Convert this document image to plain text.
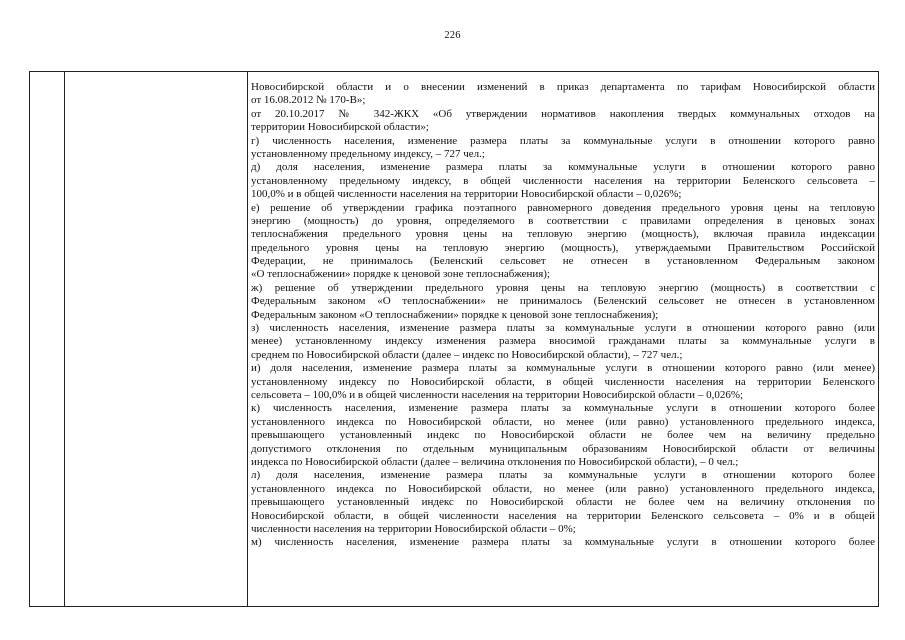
226
Новосибирской области и о внесении изменений в приказ департамента по тарифам Новосибирской области
от 16.08.2012 № 170-В»;
от 20.10.2017 № 342-ЖКХ «Об утверждении нормативов накопления твердых коммунальных отходов на
территории Новосибирской области»;
г) численность населения, изменение размера платы за коммунальные услуги в отношении которого равно
установленному предельному индексу, – 727 чел.;
д) доля населения, изменение размера платы за коммунальные услуги в отношении которого равно
установленному предельному индексу, в общей численности населения на территории Беленского сельсовета –
100,0% и в общей численности населения на территории Новосибирской области – 0,026%;
е) решение об утверждении графика поэтапного равномерного доведения предельного уровня цены на тепловую
энергию (мощность) до уровня, определяемого в соответствии с правилами определения в ценовых зонах
теплоснабжения предельного уровня цены на тепловую энергию (мощность), включая правила индексации
предельного уровня цены на тепловую энергию (мощность), утверждаемыми Правительством Российской
Федерации, не принималось (Беленский сельсовет не отнесен в установленном Федеральным законом
«О теплоснабжении» порядке к ценовой зоне теплоснабжения);
ж) решение об утверждении предельного уровня цены на тепловую энергию (мощность) в соответствии с
Федеральным законом «О теплоснабжении» не принималось (Беленский сельсовет не отнесен в установленном
Федеральным законом «О теплоснабжении» порядке к ценовой зоне теплоснабжения);
з) численность населения, изменение размера платы за коммунальные услуги в отношении которого равно (или
менее) установленному индексу изменения размера вносимой гражданами платы за коммунальные услуги в
среднем по Новосибирской области (далее – индекс по Новосибирской области), – 727 чел.;
и) доля населения, изменение размера платы за коммунальные услуги в отношении которого равно (или менее)
установленному индексу по Новосибирской области, в общей численности населения на территории Беленского
сельсовета – 100,0% и в общей численности населения на территории Новосибирской области – 0,026%;
к) численность населения, изменение размера платы за коммунальные услуги в отношении которого более
установленного индекса по Новосибирской области, но менее (или равно) установленного предельного индекса,
превышающего установленный индекс по Новосибирской области не более чем на величину предельно
допустимого отклонения по отдельным муниципальным образованиям Новосибирской области от величины
индекса по Новосибирской области (далее – величина отклонения по Новосибирской области), – 0 чел.;
л) доля населения, изменение размера платы за коммунальные услуги в отношении которого более
установленного индекса по Новосибирской области, но менее (или равно) установленного предельного индекса,
превышающего установленный индекс по Новосибирской области не более чем на величину отклонения по
Новосибирской области, в общей численности населения на территории Беленского сельсовета – 0% и в общей
численности населения на территории Новосибирской области – 0%;
м) численность населения, изменение размера платы за коммунальные услуги в отношении которого более
